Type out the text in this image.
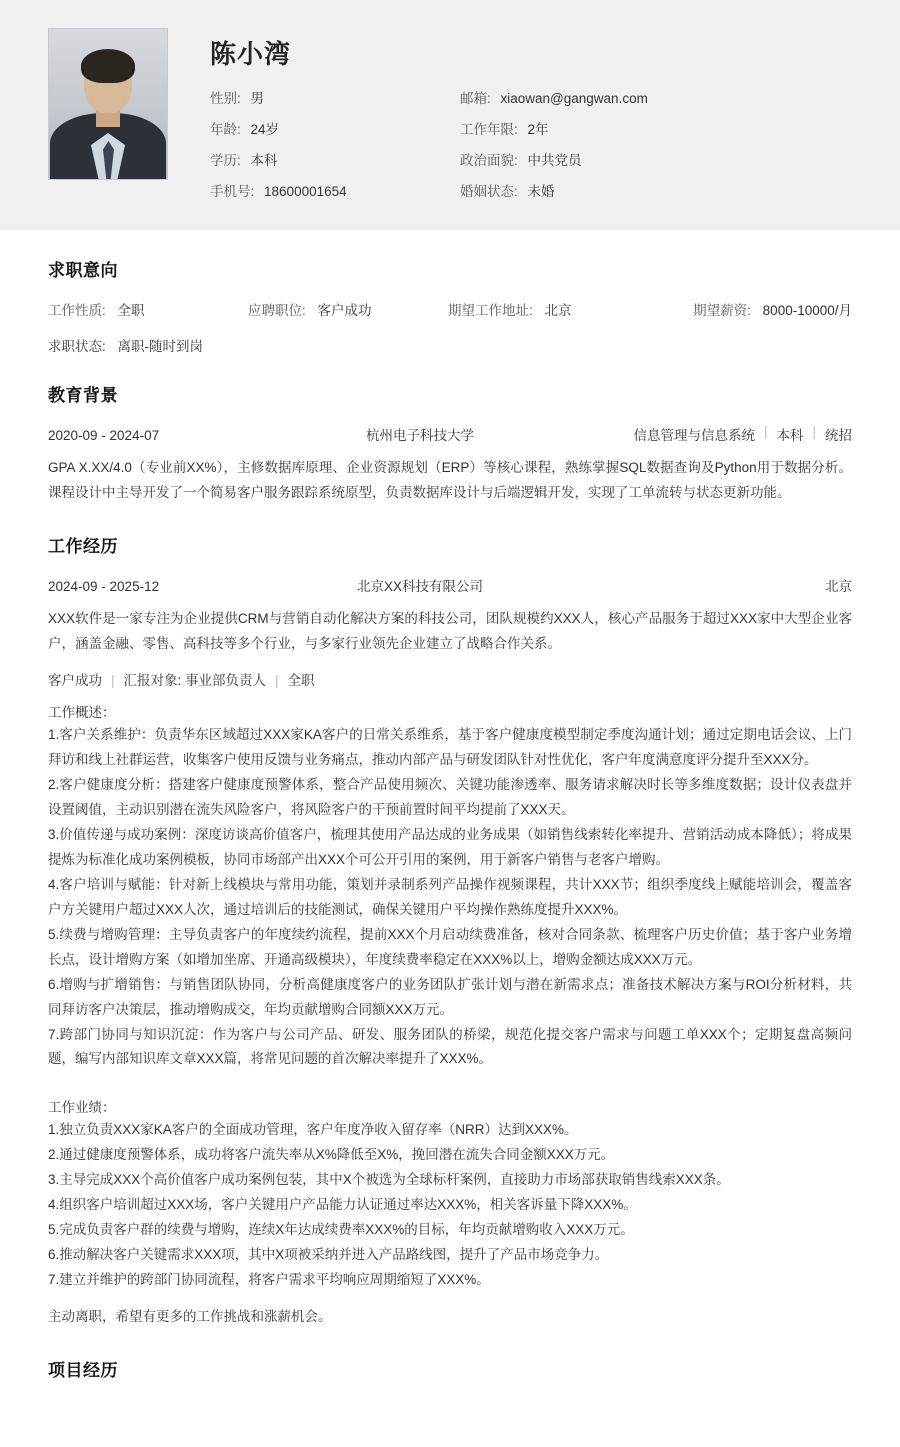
陈小湾
性别: 男	邮箱: xiaowan@gangwan.com
年龄: 24岁	工作年限: 2年
学历: 本科	政治面貌: 中共党员
手机号: 18600001654	婚姻状态: 未婚
求职意向
工作性质: 全职	应聘职位: 客户成功	期望工作地址: 北京	期望薪资: 8000-10000/月
求职状态: 离职-随时到岗
教育背景
2020-09 - 2024-07	杭州电子科技大学	信息管理与信息系统 | 本科 | 统招

GPA X.XX/4.0（专业前XX%），主修数据库原理、企业资源规划（ERP）等核心课程，熟练掌握SQL数据查询及Python用于数据分析。课程设计中主导开发了一个简易客户服务跟踪系统原型，负责数据库设计与后端逻辑开发，实现了工单流转与状态更新功能。

工作经历
2024-09 - 2025-12	北京XX科技有限公司	北京

XXX软件是一家专注为企业提供CRM与营销自动化解决方案的科技公司，团队规模约XXX人，核心产品服务于超过XXX家中大型企业客户，涵盖金融、零售、高科技等多个行业，与多家行业领先企业建立了战略合作关系。

客户成功 | 汇报对象: 事业部负责人 | 全职
工作概述：
1.客户关系维护：负责华东区域超过XXX家KA客户的日常关系维系，基于客户健康度模型制定季度沟通计划；通过定期电话会议、上门拜访和线上社群运营，收集客户使用反馈与业务痛点，推动内部产品与研发团队针对性优化，客户年度满意度评分提升至XXX分。
2.客户健康度分析：搭建客户健康度预警体系，整合产品使用频次、关键功能渗透率、服务请求解决时长等多维度数据；设计仪表盘并设置阈值，主动识别潜在流失风险客户，将风险客户的干预前置时间平均提前了XXX天。
3.价值传递与成功案例：深度访谈高价值客户，梳理其使用产品达成的业务成果（如销售线索转化率提升、营销活动成本降低）；将成果提炼为标准化成功案例模板，协同市场部产出XXX个可公开引用的案例，用于新客户销售与老客户增购。
4.客户培训与赋能：针对新上线模块与常用功能，策划并录制系列产品操作视频课程，共计XXX节；组织季度线上赋能培训会，覆盖客户方关键用户超过XXX人次，通过培训后的技能测试，确保关键用户平均操作熟练度提升XXX%。
5.续费与增购管理：主导负责客户的年度续约流程，提前XXX个月启动续费准备，核对合同条款、梳理客户历史价值；基于客户业务增长点，设计增购方案（如增加坐席、开通高级模块），年度续费率稳定在XXX%以上，增购金额达成XXX万元。
6.增购与扩增销售：与销售团队协同，分析高健康度客户的业务团队扩张计划与潜在新需求点；准备技术解决方案与ROI分析材料，共同拜访客户决策层，推动增购成交，年均贡献增购合同额XXX万元。
7.跨部门协同与知识沉淀：作为客户与公司产品、研发、服务团队的桥梁，规范化提交客户需求与问题工单XXX个；定期复盘高频问题，编写内部知识库文章XXX篇，将常见问题的首次解决率提升了XXX%。
工作业绩：
1.独立负责XXX家KA客户的全面成功管理，客户年度净收入留存率（NRR）达到XXX%。
2.通过健康度预警体系，成功将客户流失率从X%降低至X%，挽回潜在流失合同金额XXX万元。
3.主导完成XXX个高价值客户成功案例包装，其中X个被选为全球标杆案例，直接助力市场部获取销售线索XXX条。
4.组织客户培训超过XXX场，客户关键用户产品能力认证通过率达XXX%，相关客诉量下降XXX%。
5.完成负责客户群的续费与增购，连续X年达成续费率XXX%的目标，年均贡献增购收入XXX万元。
6.推动解决客户关键需求XXX项，其中X项被采纳并进入产品路线图，提升了产品市场竞争力。
7.建立并维护的跨部门协同流程，将客户需求平均响应周期缩短了XXX%。

主动离职，希望有更多的工作挑战和涨薪机会。

项目经历
